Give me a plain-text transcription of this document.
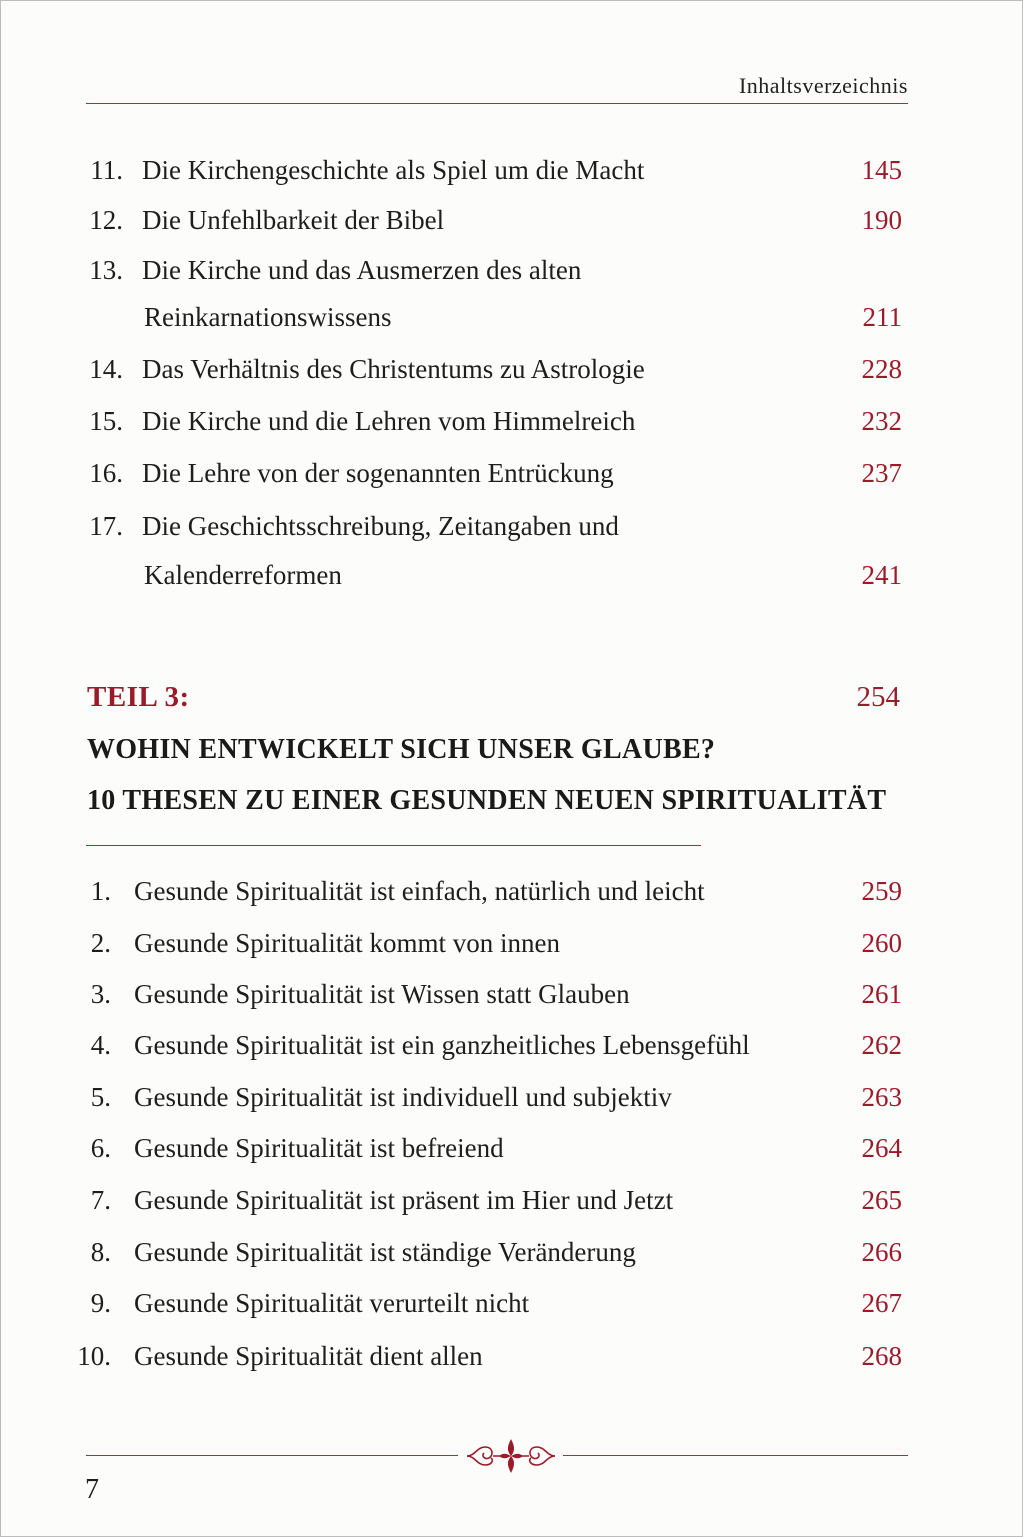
Inhaltsverzeichnis
11. Die Kirchengeschichte als Spiel um die Macht	145
12. Die Unfehlbarkeit der Bibel	190
13. Die Kirche und das Ausmerzen des alten
Reinkarnationswissens	211
14. Das Verhältnis des Christentums zu Astrologie	228
15. Die Kirche und die Lehren vom Himmelreich	232
16. Die Lehre von der sogenannten Entrückung	237
17. Die Geschichtsschreibung, Zeitangaben und
Kalenderreformen	241
TEIL 3:	254
WOHIN ENTWICKELT SICH UNSER GLAUBE?
10 THESEN ZU EINER GESUNDEN NEUEN SPIRITUALITÄT
1. Gesunde Spiritualität ist einfach, natürlich und leicht	259
2. Gesunde Spiritualität kommt von innen	260
3. Gesunde Spiritualität ist Wissen statt Glauben	261
4. Gesunde Spiritualität ist ein ganzheitliches Lebensgefühl	262
5. Gesunde Spiritualität ist individuell und subjektiv	263
6. Gesunde Spiritualität ist befreiend	264
7. Gesunde Spiritualität ist präsent im Hier und Jetzt	265
8. Gesunde Spiritualität ist ständige Veränderung	266
9. Gesunde Spiritualität verurteilt nicht	267
10. Gesunde Spiritualität dient allen	268
7
